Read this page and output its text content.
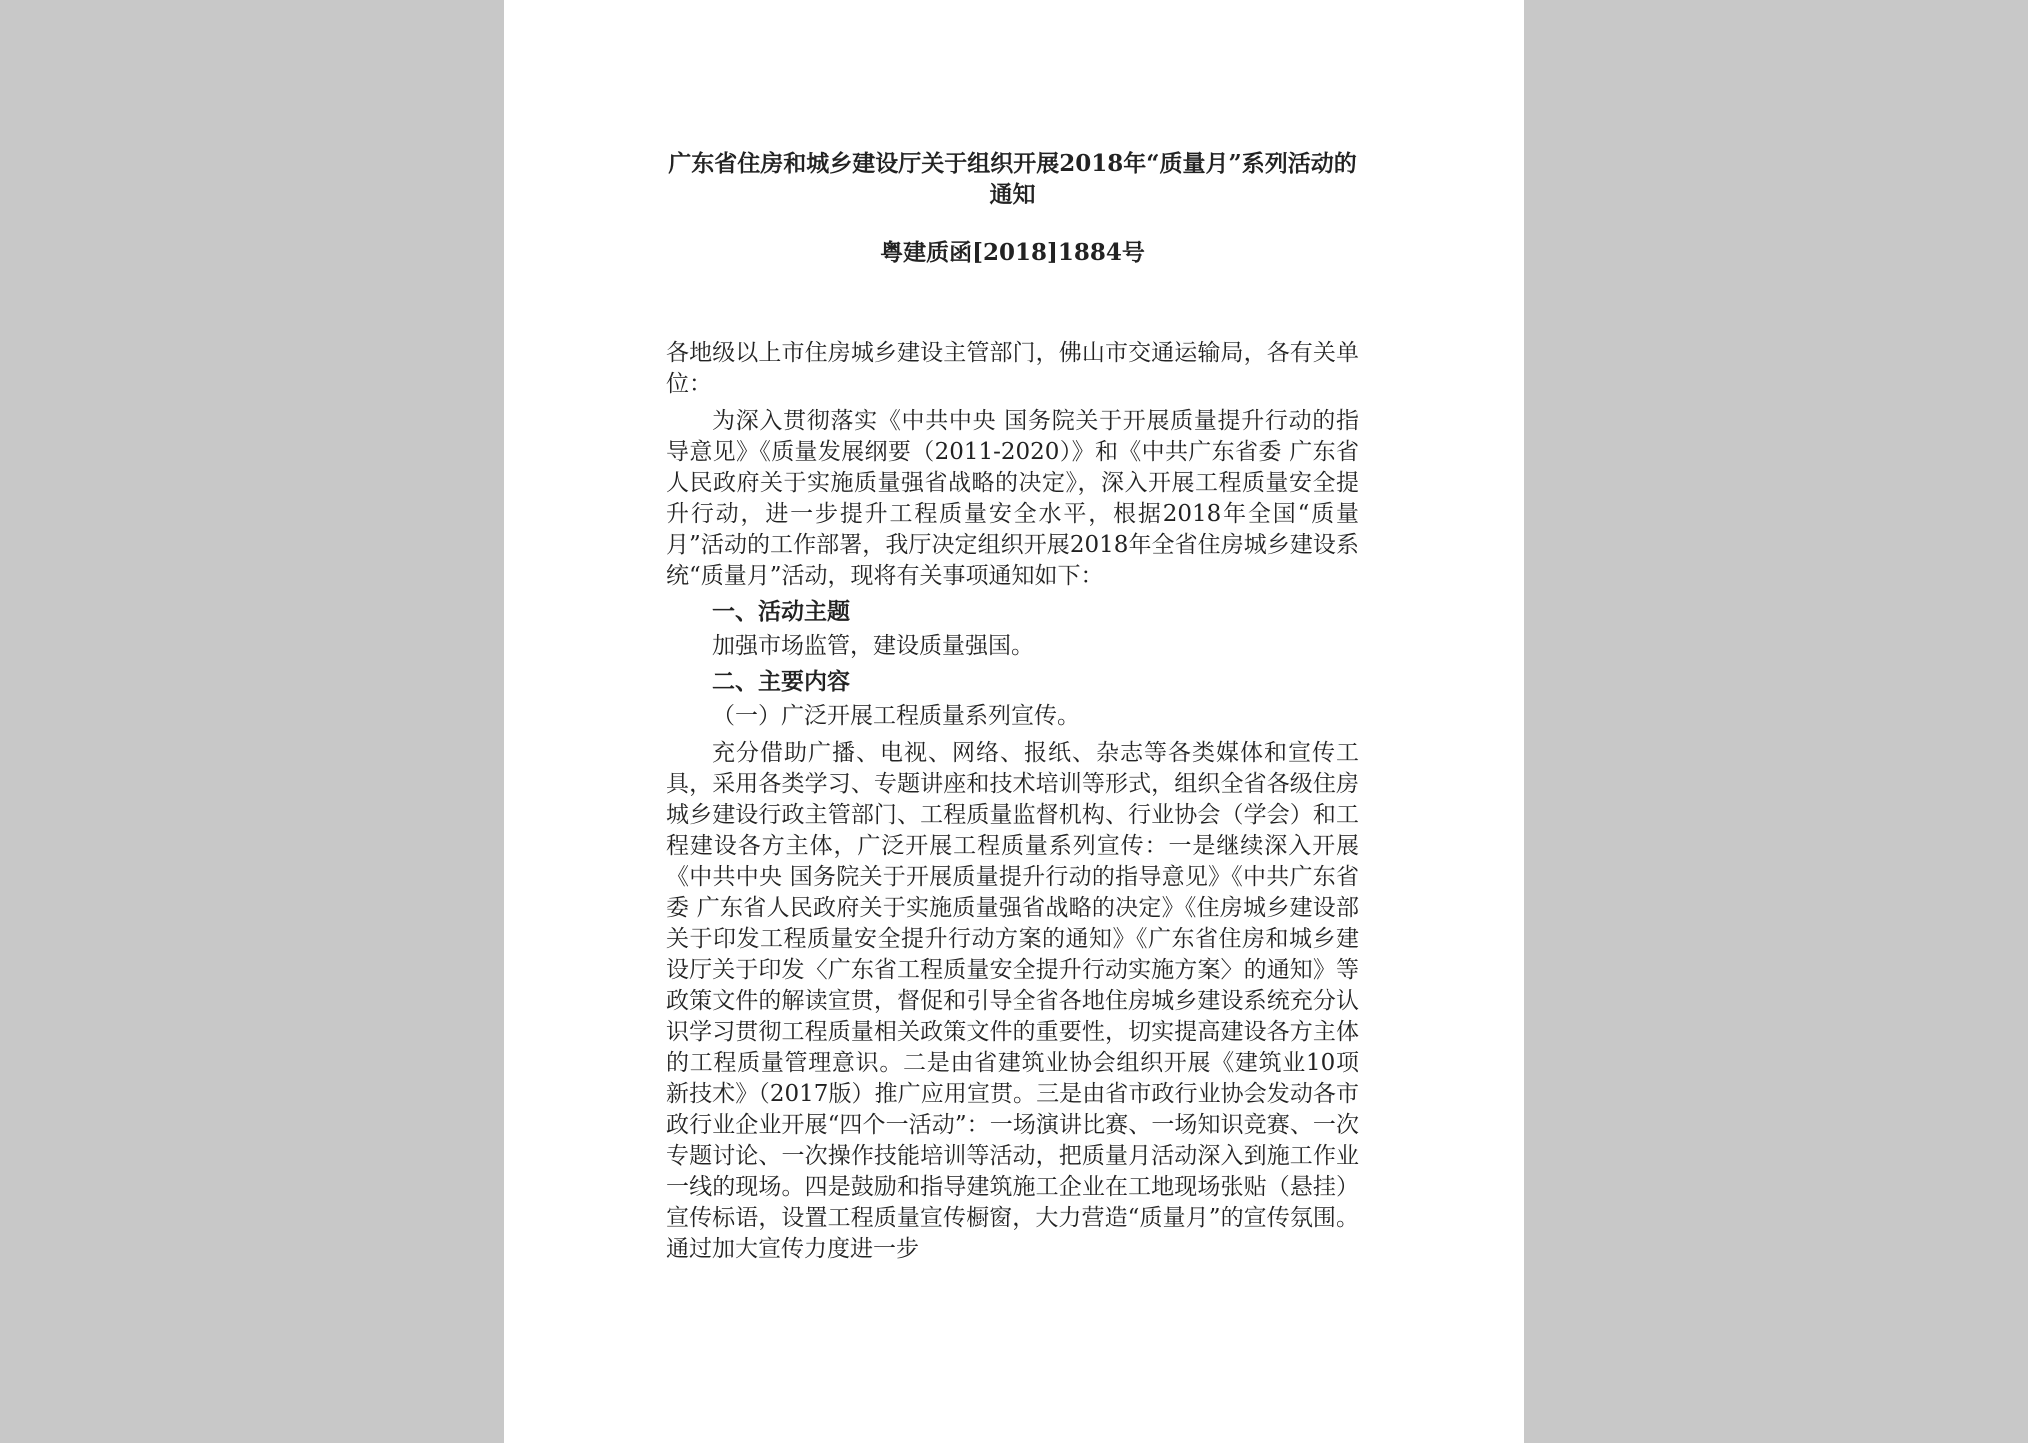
广东省住房和城乡建设厅关于组织开展2018年“质量月”系列活动的通知
粤建质函[2018]1884号

各地级以上市住房城乡建设主管部门，佛山市交通运输局，各有关单位：

为深入贯彻落实《中共中央 国务院关于开展质量提升行动的指导意见》《质量发展纲要（2011-2020）》和《中共广东省委 广东省人民政府关于实施质量强省战略的决定》，深入开展工程质量安全提升行动，进一步提升工程质量安全水平，根据2018年全国“质量月”活动的工作部署，我厅决定组织开展2018年全省住房城乡建设系统“质量月”活动，现将有关事项通知如下：

一、活动主题

加强市场监管，建设质量强国。

二、主要内容

（一）广泛开展工程质量系列宣传。

充分借助广播、电视、网络、报纸、杂志等各类媒体和宣传工具，采用各类学习、专题讲座和技术培训等形式，组织全省各级住房城乡建设行政主管部门、工程质量监督机构、行业协会（学会）和工程建设各方主体，广泛开展工程质量系列宣传：一是继续深入开展《中共中央 国务院关于开展质量提升行动的指导意见》《中共广东省委 广东省人民政府关于实施质量强省战略的决定》《住房城乡建设部关于印发工程质量安全提升行动方案的通知》《广东省住房和城乡建设厅关于印发〈广东省工程质量安全提升行动实施方案〉的通知》等政策文件的解读宣贯，督促和引导全省各地住房城乡建设系统充分认识学习贯彻工程质量相关政策文件的重要性，切实提高建设各方主体的工程质量管理意识。二是由省建筑业协会组织开展《建筑业10项新技术》（2017版）推广应用宣贯。三是由省市政行业协会发动各市政行业企业开展“四个一活动”：一场演讲比赛、一场知识竞赛、一次专题讨论、一次操作技能培训等活动，把质量月活动深入到施工作业一线的现场。四是鼓励和指导建筑施工企业在工地现场张贴（悬挂）宣传标语，设置工程质量宣传橱窗，大力营造“质量月”的宣传氛围。通过加大宣传力度进一步
